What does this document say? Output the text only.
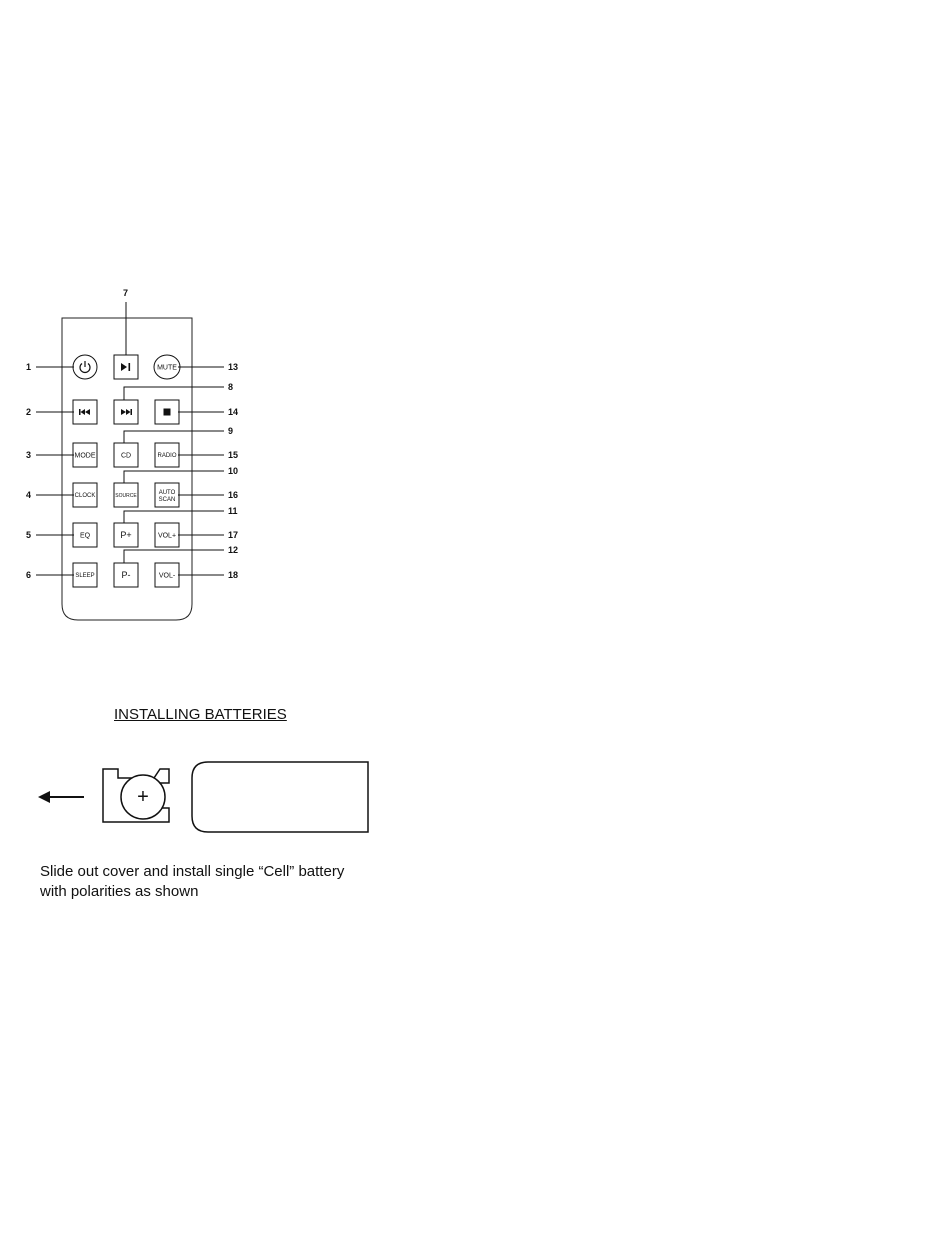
MUTE
MODE	CD	RADIO
CLOCK	SOURCE	AUTO
SCAN
EQ	P+	VOL+
SLEEP	P-	VOL-
1
7
13
2
8
14
3
9
15
4
10
16
5
11
17
6
12
18
INSTALLING BATTERIES
+
Slide out cover and install single “Cell” battery
with polarities as shown
